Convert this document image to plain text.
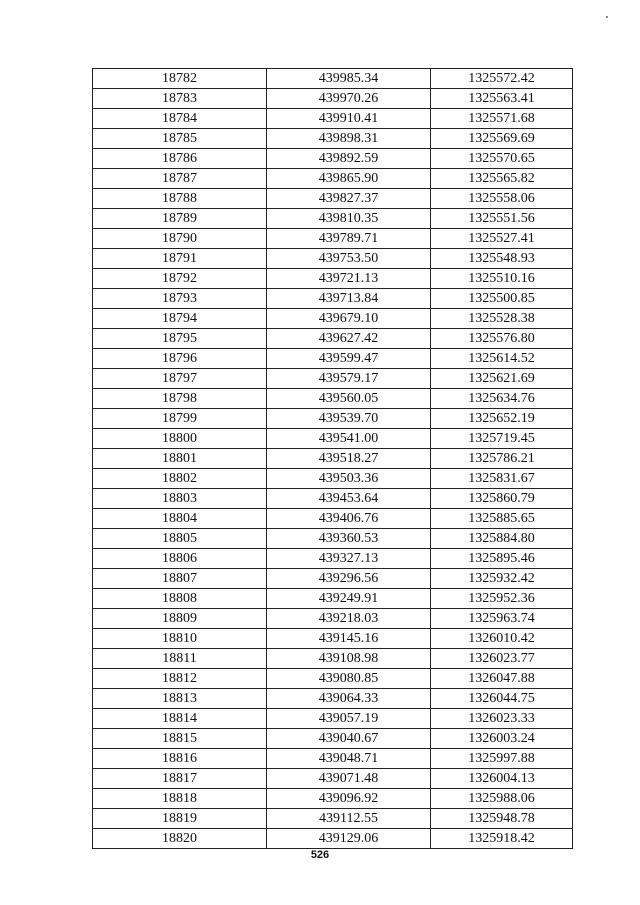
18782	439985.34	1325572.42
18783	439970.26	1325563.41
18784	439910.41	1325571.68
18785	439898.31	1325569.69
18786	439892.59	1325570.65
18787	439865.90	1325565.82
18788	439827.37	1325558.06
18789	439810.35	1325551.56
18790	439789.71	1325527.41
18791	439753.50	1325548.93
18792	439721.13	1325510.16
18793	439713.84	1325500.85
18794	439679.10	1325528.38
18795	439627.42	1325576.80
18796	439599.47	1325614.52
18797	439579.17	1325621.69
18798	439560.05	1325634.76
18799	439539.70	1325652.19
18800	439541.00	1325719.45
18801	439518.27	1325786.21
18802	439503.36	1325831.67
18803	439453.64	1325860.79
18804	439406.76	1325885.65
18805	439360.53	1325884.80
18806	439327.13	1325895.46
18807	439296.56	1325932.42
18808	439249.91	1325952.36
18809	439218.03	1325963.74
18810	439145.16	1326010.42
18811	439108.98	1326023.77
18812	439080.85	1326047.88
18813	439064.33	1326044.75
18814	439057.19	1326023.33
18815	439040.67	1326003.24
18816	439048.71	1325997.88
18817	439071.48	1326004.13
18818	439096.92	1325988.06
18819	439112.55	1325948.78
18820	439129.06	1325918.42
526
